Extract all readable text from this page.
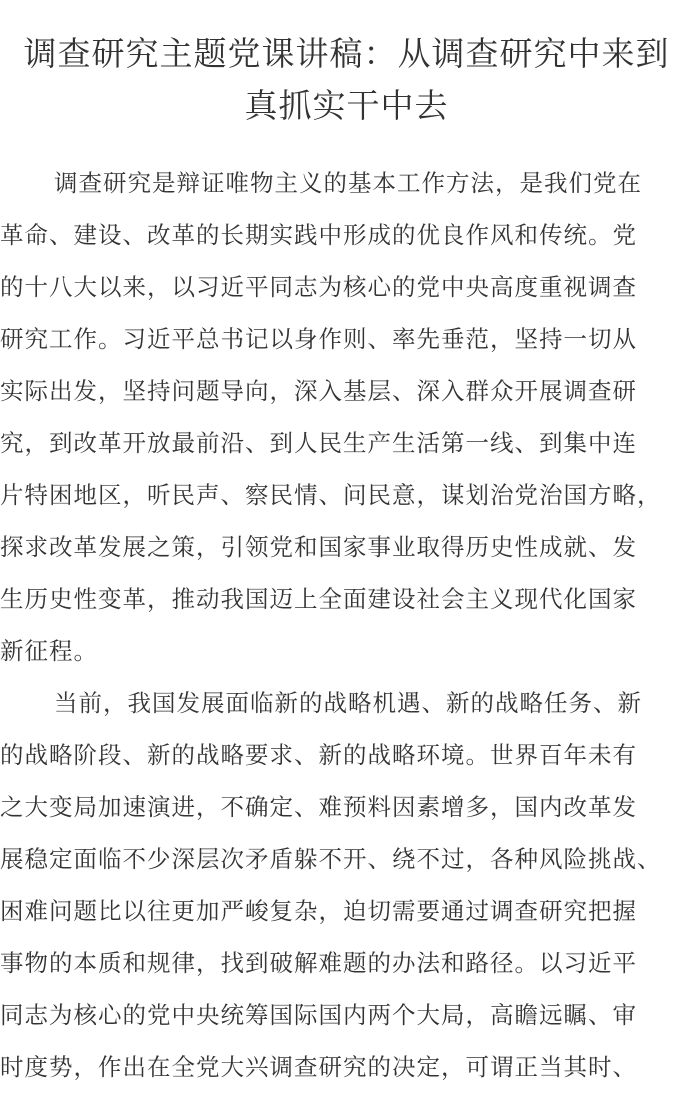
调查研究主题党课讲稿：从调查研究中来到
真抓实干中去
调查研究是辩证唯物主义的基本工作方法，是我们党在
革命、建设、改革的长期实践中形成的优良作风和传统。党
的十八大以来，以习近平同志为核心的党中央高度重视调查
研究工作。习近平总书记以身作则、率先垂范，坚持一切从
实际出发，坚持问题导向，深入基层、深入群众开展调查研
究，到改革开放最前沿、到人民生产生活第一线、到集中连
片特困地区，听民声、察民情、问民意，谋划治党治国方略，
探求改革发展之策，引领党和国家事业取得历史性成就、发
生历史性变革，推动我国迈上全面建设社会主义现代化国家
新征程。
当前，我国发展面临新的战略机遇、新的战略任务、新
的战略阶段、新的战略要求、新的战略环境。世界百年未有
之大变局加速演进，不确定、难预料因素增多，国内改革发
展稳定面临不少深层次矛盾躲不开、绕不过，各种风险挑战、
困难问题比以往更加严峻复杂，迫切需要通过调查研究把握
事物的本质和规律，找到破解难题的办法和路径。以习近平
同志为核心的党中央统筹国际国内两个大局，高瞻远瞩、审
时度势，作出在全党大兴调查研究的决定，可谓正当其时、
